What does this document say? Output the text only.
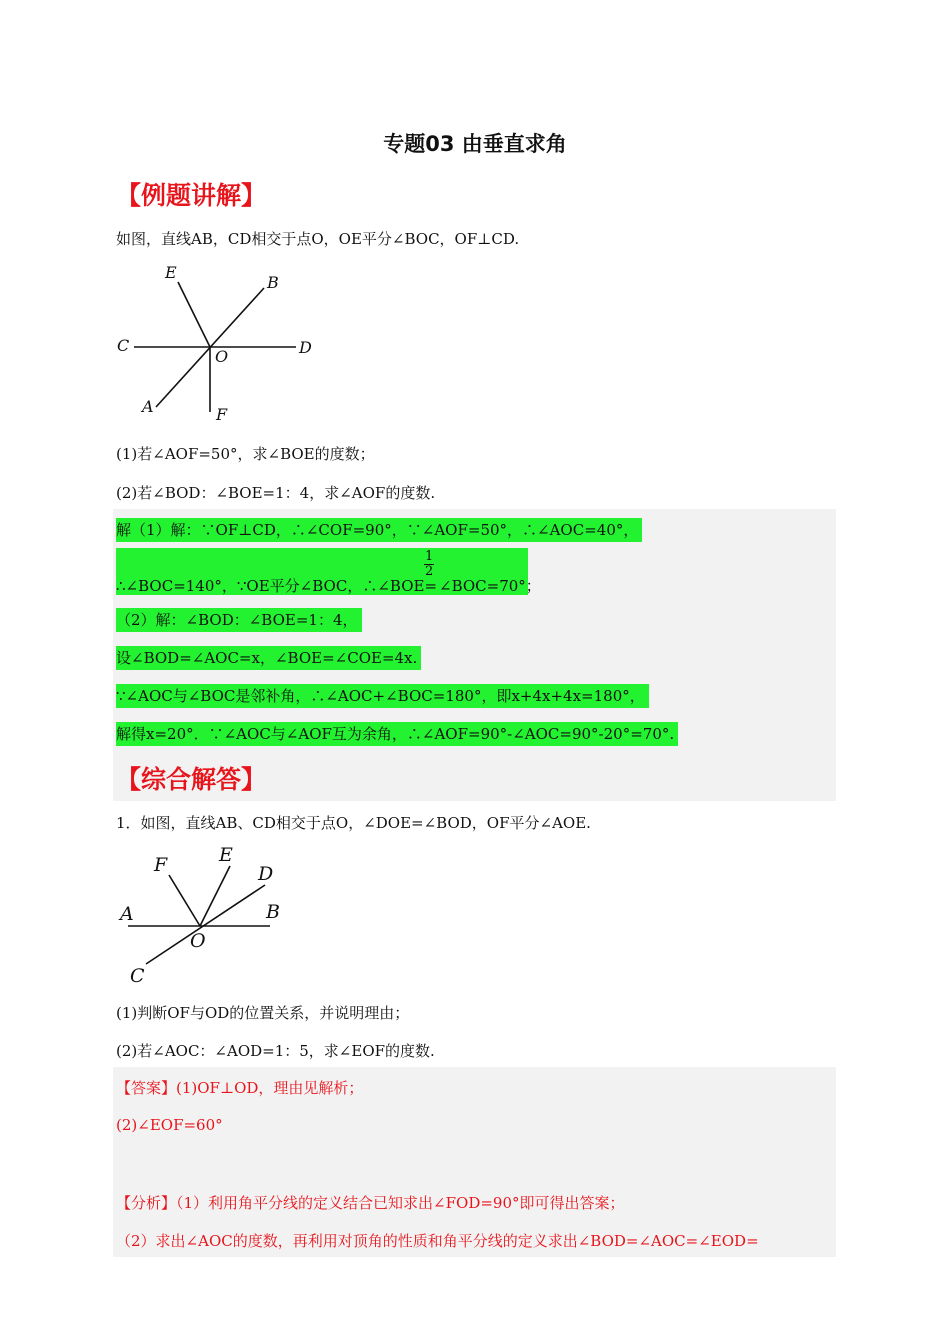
专题03 由垂直求角
【例题讲解】
如图，直线AB，CD相交于点O，OE平分∠BOC，OF⊥CD.
E
B
C
O	D
A	F
(1)若∠AOF=50°，求∠BOE的度数；
(2)若∠BOD：∠BOE=1：4，求∠AOF的度数.
解（1）解：∵OF⊥CD，∴∠COF=90°，∵∠AOF=50°，∴∠AOC=40°，
∴∠BOC=140°，∵OE平分∠BOC，∴∠BOE=
$\frac{1}{2}$
∠BOC=70°；
（2）解：∠BOD：∠BOE=1：4，
设∠BOD=∠AOC=x，∠BOE=∠COE=4x.
∵∠AOC与∠BOC是邻补角，∴∠AOC+∠BOC=180°，即x+4x+4x=180°，
解得x=20°．∵∠AOC与∠AOF互为余角，∴∠AOF=90°-∠AOC=90°-20°=70°.
【综合解答】
1．如图，直线AB、CD相交于点O，∠DOE=∠BOD，OF平分∠AOE.
F	E
D
A	B
O
C
(1)判断OF与OD的位置关系，并说明理由；
(2)若∠AOC：∠AOD=1：5，求∠EOF的度数.
【答案】(1)OF⊥OD，理由见解析；
(2)∠EOF=60°
【分析】（1）利用角平分线的定义结合已知求出∠FOD=90°即可得出答案；
（2）求出∠AOC的度数，再利用对顶角的性质和角平分线的定义求出∠BOD=∠AOC=∠EOD=
